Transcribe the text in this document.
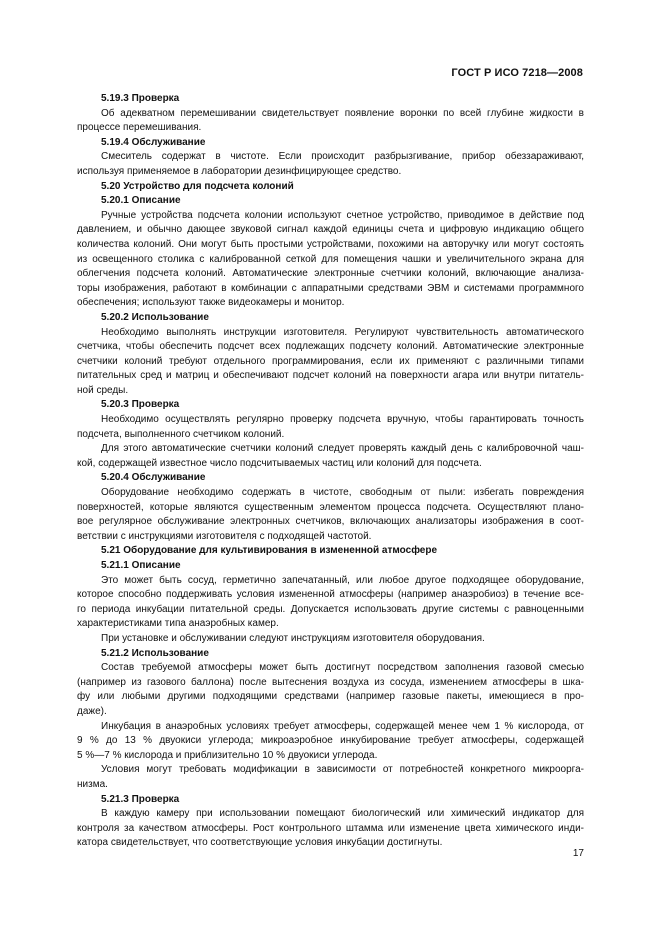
ГОСТ Р ИСО 7218—2008
5.19.3 Проверка
Об адекватном перемешивании свидетельствует появление воронки по всей глубине жидкости в
процессе перемешивания.
5.19.4 Обслуживание
Смеситель содержат в чистоте. Если происходит разбрызгивание, прибор обеззараживают,
используя применяемое в лаборатории дезинфицирующее средство.
5.20 Устройство для подсчета колоний
5.20.1 Описание
Ручные устройства подсчета колонии используют счетное устройство, приводимое в действие под
давлением, и обычно дающее звуковой сигнал каждой единицы счета и цифровую индикацию общего
количества колоний. Они могут быть простыми устройствами, похожими на авторучку или могут состоять
из освещенного столика с калиброванной сеткой для помещения чашки и увеличительного экрана для
облегчения подсчета колоний. Автоматические электронные счетчики колоний, включающие анализа-
торы изображения, работают в комбинации с аппаратными средствами ЭВМ и системами программного
обеспечения; используют также видеокамеры и монитор.
5.20.2 Использование
Необходимо выполнять инструкции изготовителя. Регулируют чувствительность автоматического
счетчика, чтобы обеспечить подсчет всех подлежащих подсчету колоний. Автоматические электронные
счетчики колоний требуют отдельного программирования, если их применяют с различными типами
питательных сред и матриц и обеспечивают подсчет колоний на поверхности агара или внутри питатель-
ной среды.
5.20.3 Проверка
Необходимо осуществлять регулярно проверку подсчета вручную, чтобы гарантировать точность
подсчета, выполненного счетчиком колоний.
Для этого автоматические счетчики колоний следует проверять каждый день с калибровочной чаш-
кой, содержащей известное число подсчитываемых частиц или колоний для подсчета.
5.20.4 Обслуживание
Оборудование необходимо содержать в чистоте, свободным от пыли: избегать повреждения
поверхностей, которые являются существенным элементом процесса подсчета. Осуществляют плано-
вое регулярное обслуживание электронных счетчиков, включающих анализаторы изображения в соот-
ветствии с инструкциями изготовителя с подходящей частотой.
5.21 Оборудование для культивирования в измененной атмосфере
5.21.1 Описание
Это может быть сосуд, герметично запечатанный, или любое другое подходящее оборудование,
которое способно поддерживать условия измененной атмосферы (например анаэробиоз) в течение все-
го периода инкубации питательной среды. Допускается использовать другие системы с равноценными
характеристиками типа анаэробных камер.
При установке и обслуживании следуют инструкциям изготовителя оборудования.
5.21.2 Использование
Состав требуемой атмосферы может быть достигнут посредством заполнения газовой смесью
(например из газового баллона) после вытеснения воздуха из сосуда, изменением атмосферы в шка-
фу или любыми другими подходящими средствами (например газовые пакеты, имеющиеся в про-
даже).
Инкубация в анаэробных условиях требует атмосферы, содержащей менее чем 1 % кислорода, от
9 % до 13 % двуокиси углерода; микроаэробное инкубирование требует атмосферы, содержащей
5 %—7 % кислорода и приблизительно 10 % двуокиси углерода.
Условия могут требовать модификации в зависимости от потребностей конкретного микроорга-
низма.
5.21.3 Проверка
В каждую камеру при использовании помещают биологический или химический индикатор для
контроля за качеством атмосферы. Рост контрольного штамма или изменение цвета химического инди-
катора свидетельствует, что соответствующие условия инкубации достигнуты.
17
